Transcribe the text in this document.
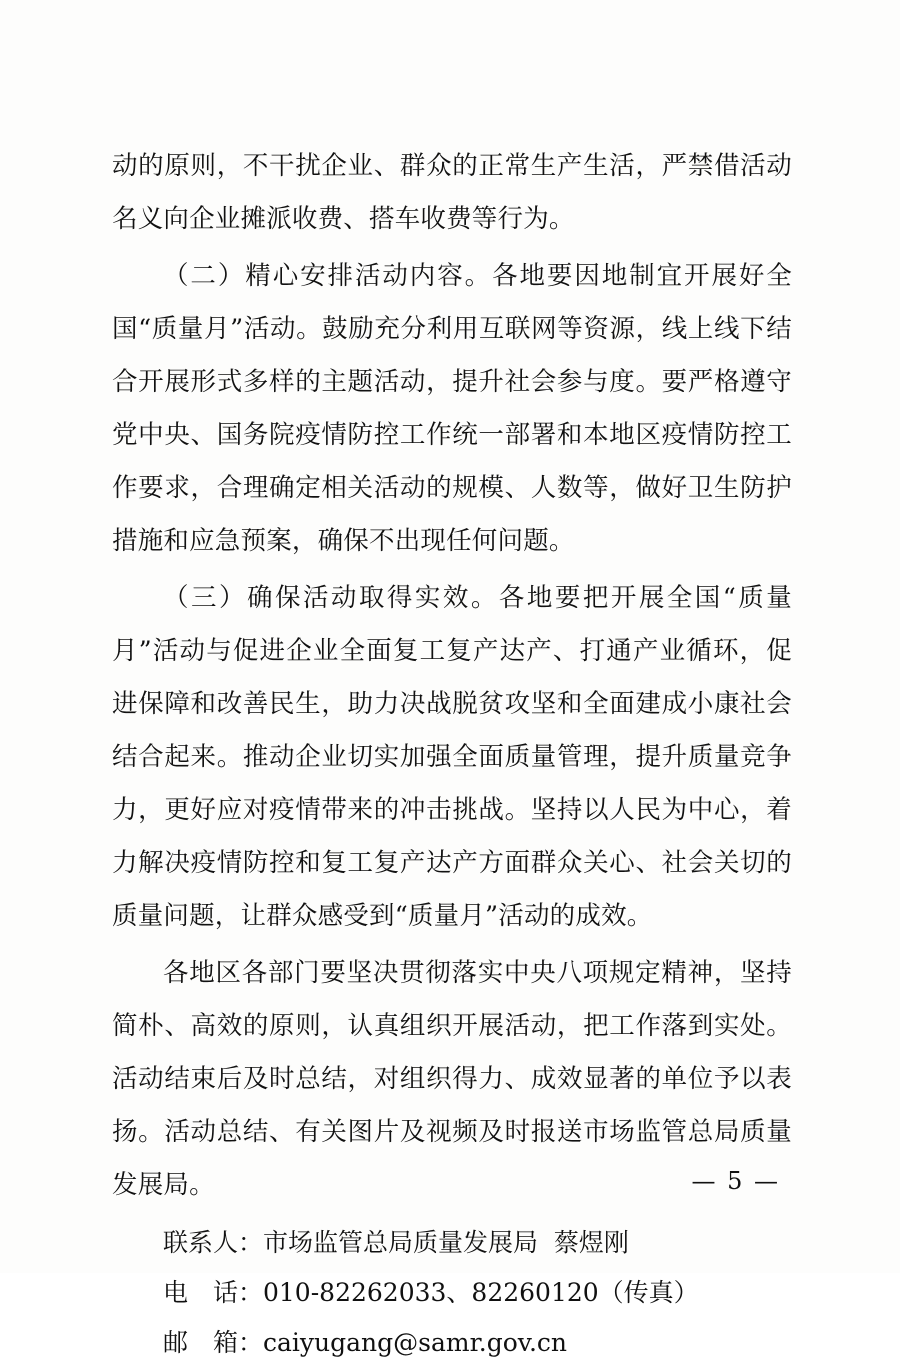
动的原则，不干扰企业、群众的正常生产生活，严禁借活动名义向企业摊派收费、搭车收费等行为。

（二）精心安排活动内容。各地要因地制宜开展好全国“质量月”活动。鼓励充分利用互联网等资源，线上线下结合开展形式多样的主题活动，提升社会参与度。要严格遵守党中央、国务院疫情防控工作统一部署和本地区疫情防控工作要求，合理确定相关活动的规模、人数等，做好卫生防护措施和应急预案，确保不出现任何问题。

（三）确保活动取得实效。各地要把开展全国“质量月”活动与促进企业全面复工复产达产、打通产业循环，促进保障和改善民生，助力决战脱贫攻坚和全面建成小康社会结合起来。推动企业切实加强全面质量管理，提升质量竞争力，更好应对疫情带来的冲击挑战。坚持以人民为中心，着力解决疫情防控和复工复产达产方面群众关心、社会关切的质量问题，让群众感受到“质量月”活动的成效。

各地区各部门要坚决贯彻落实中央八项规定精神，坚持简朴、高效的原则，认真组织开展活动，把工作落到实处。活动结束后及时总结，对组织得力、成效显著的单位予以表扬。活动总结、有关图片及视频及时报送市场监管总局质量发展局。

联系人：市场监管总局质量发展局  蔡煜刚

电　话：010-82262033、82260120（传真）

邮　箱：caiyugang@samr.gov.cn

— 5 —
